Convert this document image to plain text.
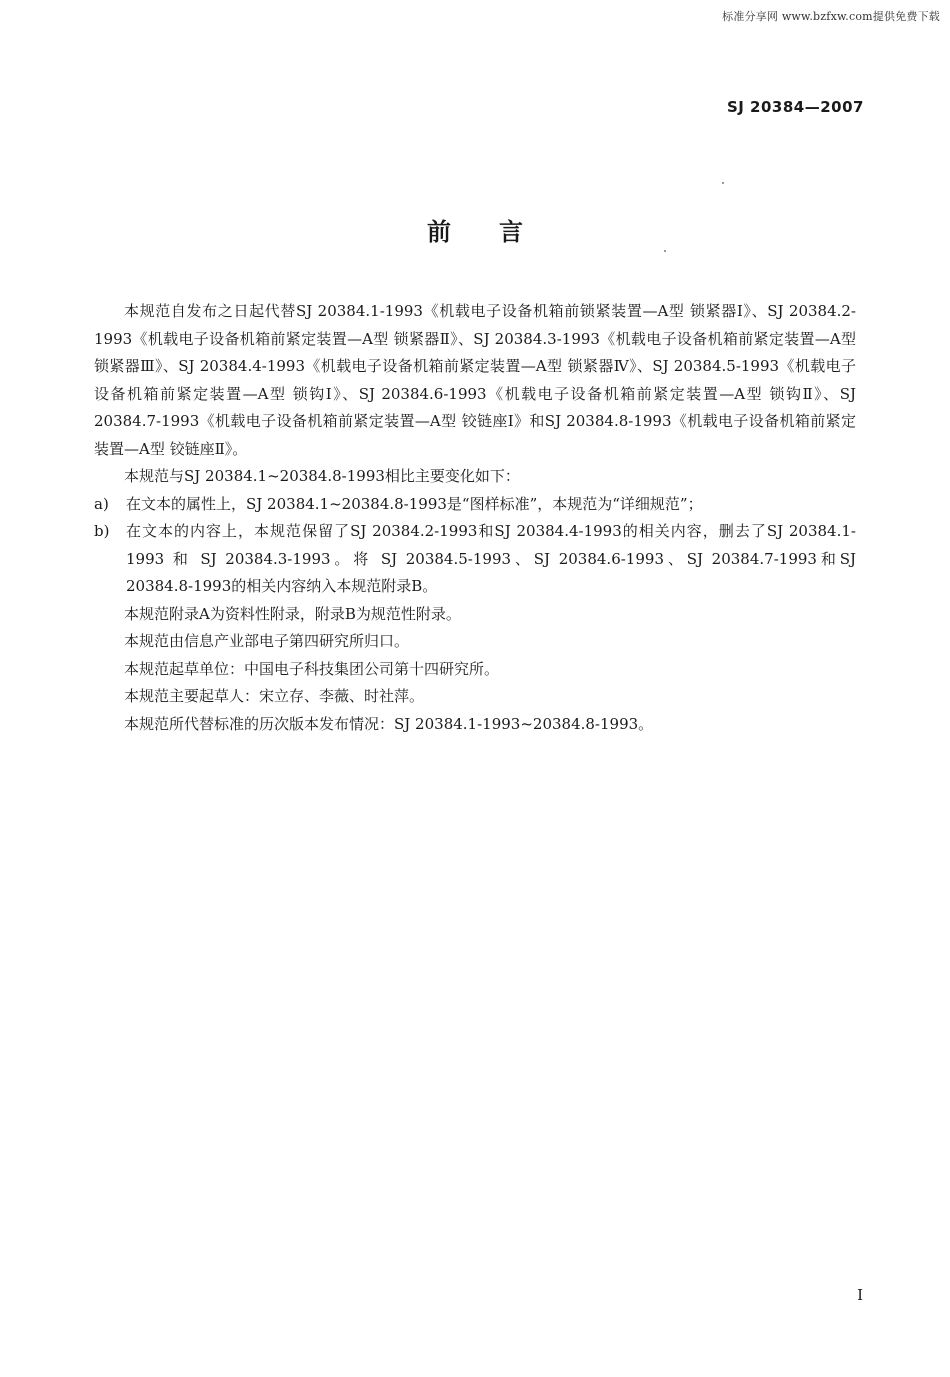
标准分享网 www.bzfxw.com提供免费下载
SJ 20384—2007
前言

本规范自发布之日起代替SJ 20384.1-1993《机载电子设备机箱前锁紧装置—A型 锁紧器Ⅰ》、SJ 20384.2-1993《机载电子设备机箱前紧定装置—A型 锁紧器Ⅱ》、SJ 20384.3-1993《机载电子设备机箱前紧定装置—A型 锁紧器Ⅲ》、SJ 20384.4-1993《机载电子设备机箱前紧定装置—A型 锁紧器Ⅳ》、SJ 20384.5-1993《机载电子设备机箱前紧定装置—A型 锁钩Ⅰ》、SJ 20384.6-1993《机载电子设备机箱前紧定装置—A型 锁钩Ⅱ》、SJ 20384.7-1993《机载电子设备机箱前紧定装置—A型 铰链座Ⅰ》和SJ 20384.8-1993《机载电子设备机箱前紧定装置—A型 铰链座Ⅱ》。

本规范与SJ 20384.1~20384.8-1993相比主要变化如下：

a)	在文本的属性上，SJ 20384.1~20384.8-1993是“图样标准”，本规范为“详细规范”；
b)	在文本的内容上，本规范保留了SJ 20384.2-1993和SJ 20384.4-1993的相关内容，删去了SJ 20384.1-1993 和 SJ 20384.3-1993。将 SJ 20384.5-1993、SJ 20384.6-1993、SJ 20384.7-1993和SJ 20384.8-1993的相关内容纳入本规范附录B。

本规范附录A为资料性附录，附录B为规范性附录。

本规范由信息产业部电子第四研究所归口。

本规范起草单位：中国电子科技集团公司第十四研究所。

本规范主要起草人：宋立存、李薇、时社萍。

本规范所代替标准的历次版本发布情况：SJ 20384.1-1993~20384.8-1993。

I
